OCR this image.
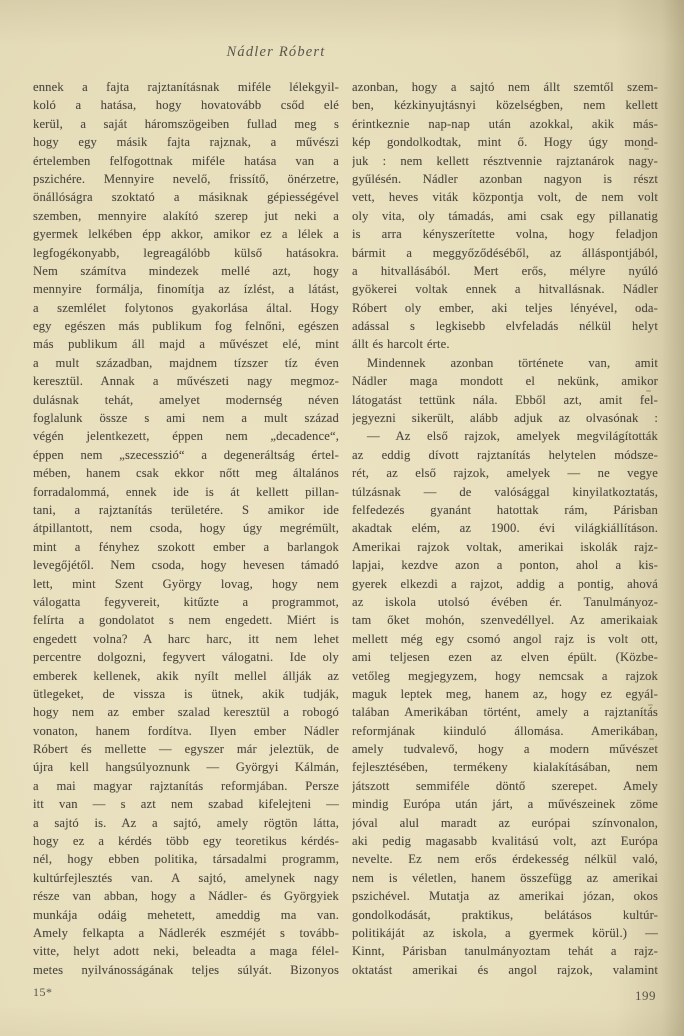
Nádler Róbert
ennek a fajta rajztanításnak miféle lélekgyil-
koló a hatása, hogy hovatovább csőd elé
kerül, a saját háromszögeiben fullad meg s
hogy egy másik fajta rajznak, a művészi
értelemben felfogottnak miféle hatása van a
pszichére. Mennyire nevelő, frissítő, önérzetre,
önállóságra szoktató a másiknak gépiességével
szemben, mennyire alakító szerep jut neki a
gyermek lelkében épp akkor, amikor ez a lélek a
legfogékonyabb, legreagálóbb külső hatásokra.
Nem számítva mindezek mellé azt, hogy
mennyire formálja, finomítja az ízlést, a látást,
a szemlélet folytonos gyakorlása által. Hogy
egy egészen más publikum fog felnőni, egészen
más publikum áll majd a művészet elé, mint
a mult században, majdnem tízszer tíz éven
keresztül. Annak a művészeti nagy megmoz-
dulásnak tehát, amelyet modernség néven
foglalunk össze s ami nem a mult század
végén jelentkezett, éppen nem „decadence“,
éppen nem „szecesszió“ a degeneráltság értel-
mében, hanem csak ekkor nőtt meg általános
forradalommá, ennek ide is át kellett pillan-
tani, a rajztanítás területére. S amikor ide
átpillantott, nem csoda, hogy úgy megrémült,
mint a fényhez szokott ember a barlangok
levegőjétől. Nem csoda, hogy hevesen támadó
lett, mint Szent György lovag, hogy nem
válogatta fegyvereit, kitűzte a programmot,
felírta a gondolatot s nem engedett. Miért is
engedett volna? A harc harc, itt nem lehet
percentre dolgozni, fegyvert válogatni. Ide oly
emberek kellenek, akik nyílt mellel állják az
ütlegeket, de vissza is ütnek, akik tudják,
hogy nem az ember szalad keresztül a robogó
vonaton, hanem fordítva. Ilyen ember Nádler
Róbert és mellette — egyszer már jeleztük, de
újra kell hangsúlyoznunk — Györgyi Kálmán,
a mai magyar rajztanítás reformjában. Persze
itt van — s azt nem szabad kifelejteni —
a sajtó is. Az a sajtó, amely rögtön látta,
hogy ez a kérdés több egy teoretikus kérdés-
nél, hogy ebben politika, társadalmi programm,
kultúrfejlesztés van. A sajtó, amelynek nagy
része van abban, hogy a Nádler- és Györgyiek
munkája odáig mehetett, ameddig ma van.
Amely felkapta a Nádlerék eszméjét s tovább-
vitte, helyt adott neki, beleadta a maga félel-
metes nyilvánosságának teljes súlyát. Bizonyos
azonban, hogy a sajtó nem állt szemtől szem-
ben, kézkinyujtásnyi közelségben, nem kellett
érintkeznie nap-nap után azokkal, akik más-
kép gondolkodtak, mint ő. Hogy úgy mond-
juk : nem kellett résztvennie rajztanárok nagy-
gyűlésén. Nádler azonban nagyon is részt
vett, heves viták központja volt, de nem volt
oly vita, oly támadás, ami csak egy pillanatig
is arra kényszerítette volna, hogy feladjon
bármit a meggyőződéséből, az álláspontjából,
a hitvallásából. Mert erős, mélyre nyúló
gyökerei voltak ennek a hitvallásnak. Nádler
Róbert oly ember, aki teljes lényével, oda-
adással s legkisebb elvfeladás nélkül helyt
állt és harcolt érte.
Mindennek azonban története van, amit
Nádler maga mondott el nekünk, amikor
látogatást tettünk nála. Ebből azt, amit fel-
jegyezni sikerült, alább adjuk az olvasónak :
— Az első rajzok, amelyek megvilágították
az eddig dívott rajztanítás helytelen módsze-
rét, az első rajzok, amelyek — ne vegye
túlzásnak — de valósággal kinyilatkoztatás,
felfedezés gyanánt hatottak rám, Párisban
akadtak elém, az 1900. évi világkiállításon.
Amerikai rajzok voltak, amerikai iskolák rajz-
lapjai, kezdve azon a ponton, ahol a kis-
gyerek elkezdi a rajzot, addig a pontig, ahová
az iskola utolsó évében ér. Tanulmányoz-
tam őket mohón, szenvedéllyel. Az amerikaiak
mellett még egy csomó angol rajz is volt ott,
ami teljesen ezen az elven épült. (Közbe-
vetőleg megjegyzem, hogy nemcsak a rajzok
maguk leptek meg, hanem az, hogy ez egyál-
talában Amerikában történt, amely a rajztanítás
reformjának kiinduló állomása. Amerikában,
amely tudvalevő, hogy a modern művészet
fejlesztésében, termékeny kialakításában, nem
játszott semmiféle döntő szerepet. Amely
mindig Európa után járt, a művészeinek zöme
jóval alul maradt az európai színvonalon,
aki pedig magasabb kvalitású volt, azt Európa
nevelte. Ez nem erős érdekesség nélkül való,
nem is véletlen, hanem összefügg az amerikai
pszichével. Mutatja az amerikai józan, okos
gondolkodását, praktikus, belátásos kultúr-
politikáját az iskola, a gyermek körül.) —
Kinnt, Párisban tanulmányoztam tehát a rajz-
oktatást amerikai és angol rajzok, valamint
15*	199
